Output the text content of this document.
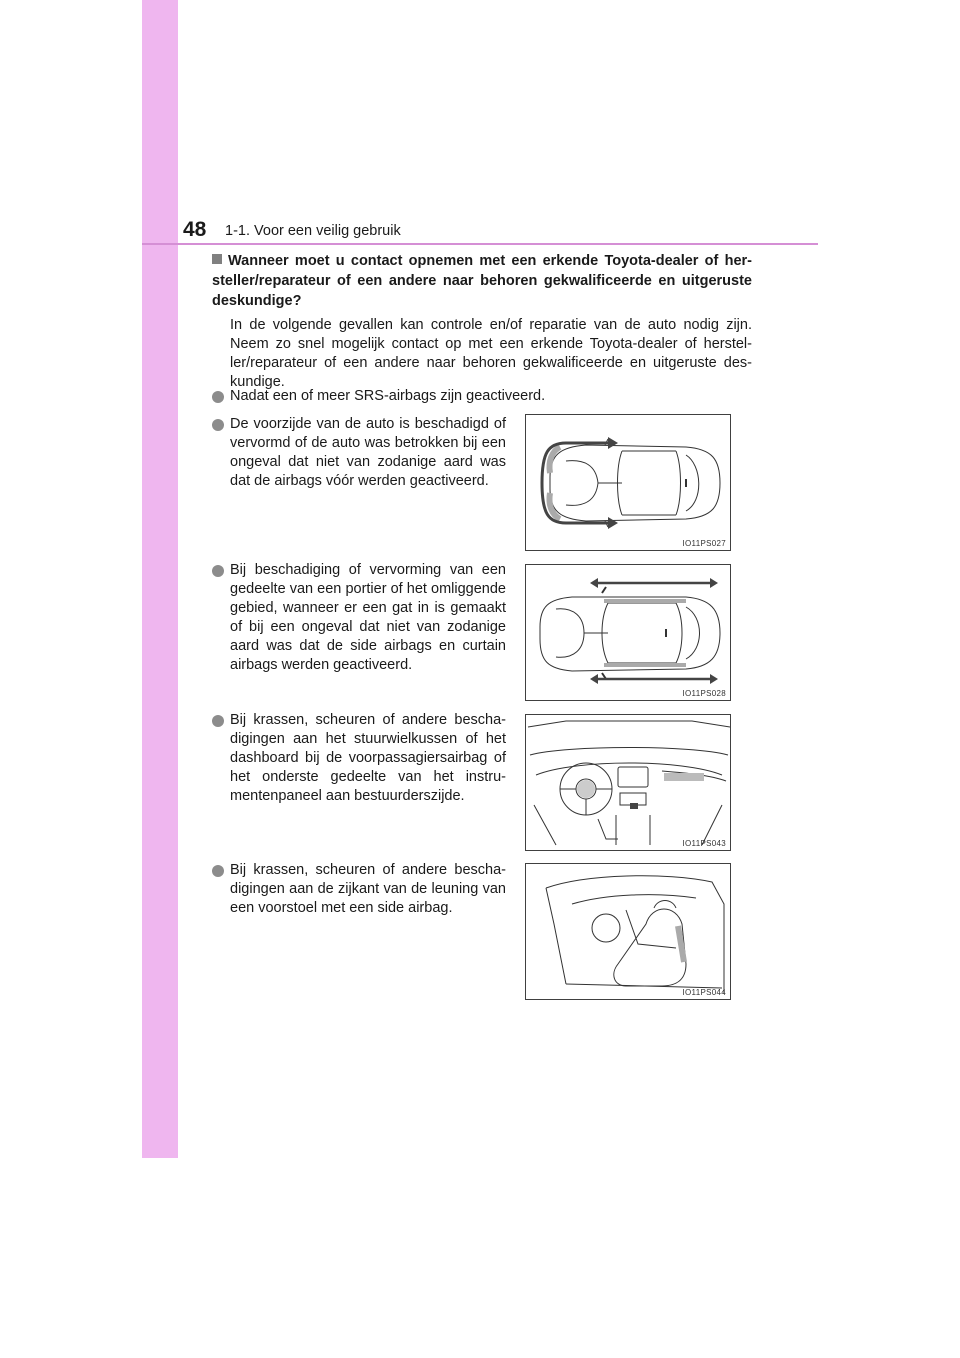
48 1-1. Voor een veilig gebruik
Wanneer moet u contact opnemen met een erkende Toyota-dealer of hersteller/reparateur of een andere naar behoren gekwalificeerde en uitgeruste deskundige?
In de volgende gevallen kan controle en/of reparatie van de auto nodig zijn. Neem zo snel mogelijk contact op met een erkende Toyota-dealer of hersteller/reparateur of een andere naar behoren gekwalificeerde en uitgeruste deskundige.
Nadat een of meer SRS-airbags zijn geactiveerd.
De voorzijde van de auto is beschadigd of vervormd of de auto was betrokken bij een ongeval dat niet van zodanige aard was dat de airbags vóór werden geactiveerd.
IO11PS027
Bij beschadiging of vervorming van een gedeelte van een portier of het omliggende gebied, wanneer er een gat in is gemaakt of bij een ongeval dat niet van zodanige aard was dat de side airbags en curtain airbags werden geactiveerd.
IO11PS028
Bij krassen, scheuren of andere beschadigingen aan het stuurwielkussen of het dashboard bij de voorpassagiersairbag of het onderste gedeelte van het instrumentenpaneel aan bestuurderszijde.
IO11PS043
Bij krassen, scheuren of andere beschadigingen aan de zijkant van de leuning van een voorstoel met een side airbag.
IO11PS044
